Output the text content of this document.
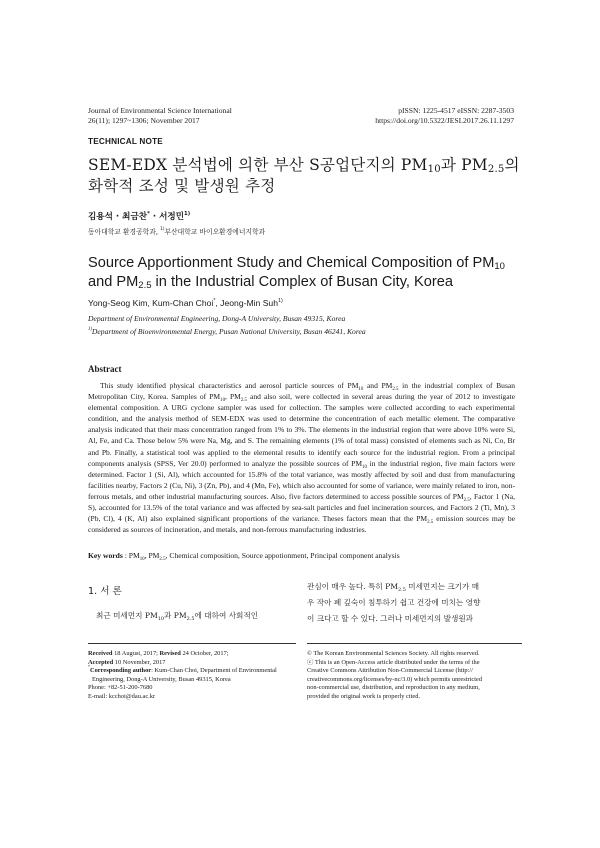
Journal of Environmental Science International
26(11); 1297~1306; November 2017
pISSN: 1225-4517 eISSN: 2287-3503
https://doi.org/10.5322/JESI.2017.26.11.1297
TECHNICAL NOTE
SEM-EDX 분석법에 의한 부산 S공업단지의 $PM_{10}$과 $PM_{2.5}$의
화학적 조성 및 발생원 추정
김용석 · 최금찬* · 서정민$^{1)}$
동아대학교 환경공학과, $^{1)}$부산대학교 바이오환경에너지학과
Source Apportionment Study and Chemical Composition of $PM_{10}$
and $PM_{2.5}$ in the Industrial Complex of Busan City, Korea
Yong-Seog Kim, Kum-Chan Choi*, Jeong-Min Suh$^{1)}$
Department of Environmental Engineering, Dong-A University, Busan 49315, Korea
$^{1)}$Department of Bioenvironmental Energy, Pusan National University, Busan 46241, Korea
Abstract

This study identified physical characteristics and aerosol particle sources of $PM_{10}$ and $PM_{2.5}$ in the industrial complex of Busan Metropolitan City, Korea. Samples of $PM_{10}$, $PM_{2.5}$ and also soil, were collected in several areas during the year of 2012 to investigate elemental composition. A URG cyclone sampler was used for collection. The samples were collected according to each experimental condition, and the analysis method of SEM-EDX was used to determine the concentration of each metallic element. The comparative analysis indicated that their mass concentration ranged from 1% to 3%. The elements in the industrial region that were above 10% were Si, Al, Fe, and Ca. Those below 5% were Na, Mg, and S. The remaining elements (1% of total mass) consisted of elements such as Ni, Co, Br and Pb. Finally, a statistical tool was applied to the elemental results to identify each source for the industrial region. From a principal components analysis (SPSS, Ver 20.0) performed to analyze the possible sources of $PM_{10}$ in the industrial region, five main factors were determined. Factor 1 (Si, Al), which accounted for 15.8% of the total variance, was mostly affected by soil and dust from manufacturing facilities nearby, Factors 2 (Cu, Ni), 3 (Zn, Pb), and 4 (Mn, Fe), which also accounted for some of variance, were mainly related to iron, non-ferrous metals, and other industrial manufacturing sources. Also, five factors determined to access possible sources of $PM_{2.5}$, Factor 1 (Na, S), accounted for 13.5% of the total variance and was affected by sea-salt particles and fuel incineration sources, and Factors 2 (Ti, Mn), 3 (Pb, Cl), 4 (K, Al) also explained significant proportions of the variance. Theses factors mean that the $PM_{2.5}$ emission sources may be considered as sources of incineration, and metals, and non-ferrous manufacturing industries.

Key words : $PM_{10}$, $PM_{2.5}$, Chemical composition, Source appotionment, Principal component analysis
1. 서 론
최근 미세먼지 $PM_{10}$과 $PM_{2.5}$에 대하여 사회적인
관심이 매우 높다. 특히 $PM_{2.5}$ 미세먼지는 크기가 매
우 작아 폐 깊숙이 침투하기 쉽고 건강에 미치는 영향
이 크다고 할 수 있다. 그러나 미세먼지의 발생원과
Received 18 August, 2017; Revised 24 October, 2017;
Accepted 10 November, 2017
*Corresponding author: Kum-Chan Choi, Department of Environmental
Engineering, Dong-A University, Busan 49315, Korea
Phone: +82-51-200-7680
E-mail: kcchoi@dau.ac.kr
© The Korean Environmental Sciences Society. All rights reserved.
ⓒ This is an Open-Access article distributed under the terms of the
Creative Commons Attribution Non-Commercial License (http://
creativecommons.org/licenses/by-nc/3.0) which permits unrestricted
non-commercial use, distribution, and reproduction in any medium,
provided the original work is properly cited.
